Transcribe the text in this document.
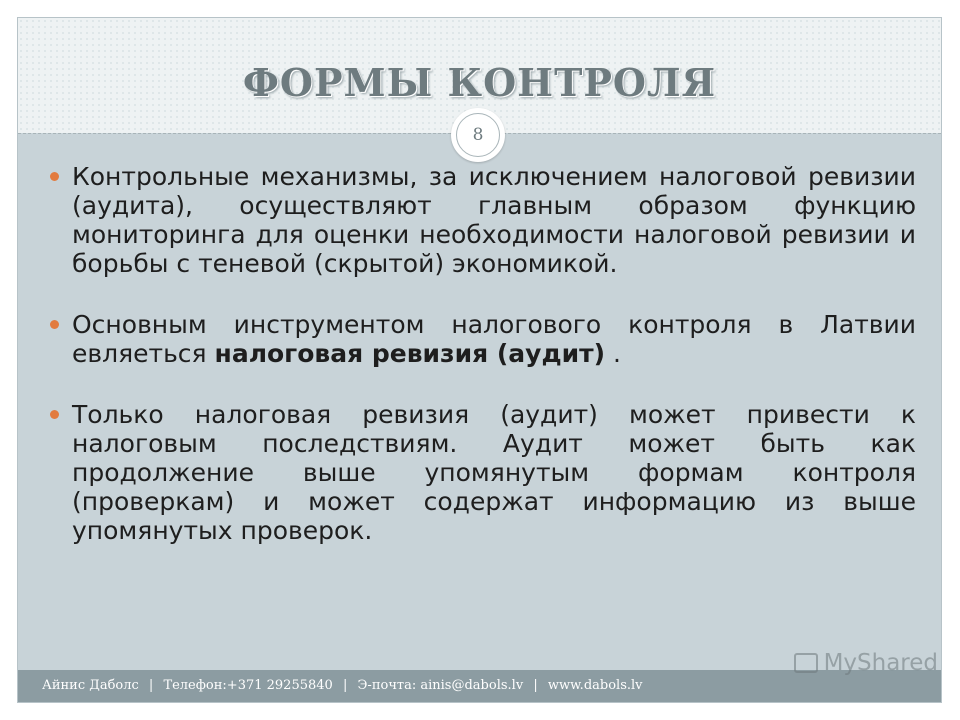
ФОРМЫ КОНТРОЛЯ
8
Контрольные механизмы, за исключением налоговой ревизии (аудита), осуществляют главным образом функцию мониторинга для оценки необходимости налоговой ревизии и борьбы с теневой (скрытой) экономикой.
Основным инструментом налогового контроля в Латвии евляеться налоговая ревизия (аудит) .
Только налоговая ревизия (аудит) может привести к налоговым последствиям. Аудит может быть как продолжение выше упомянутым формам контроля (проверкам) и может содержат информацию из выше упомянутых проверок.
Айнис Даболс | Телефон:+371 29255840 | Э-почта: ainis@dabols.lv | www.dabols.lv
MyShared
